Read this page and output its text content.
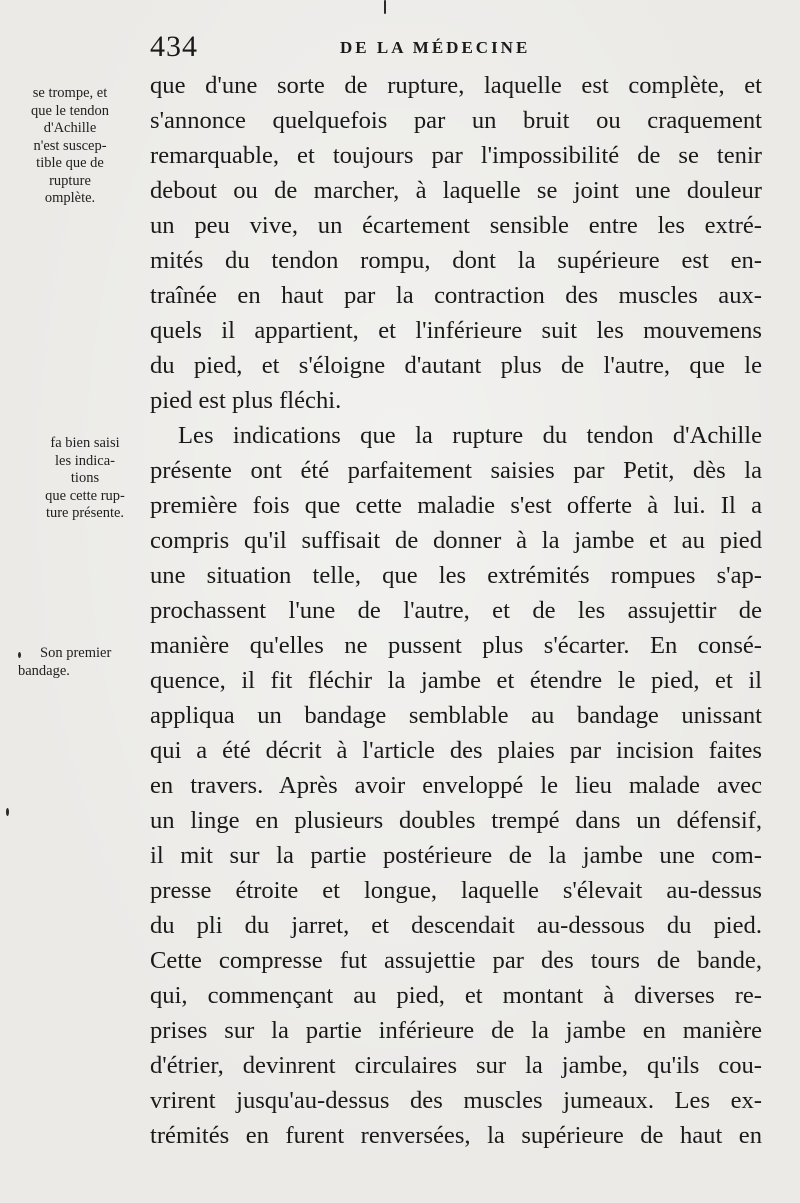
434	DE LA MÉDECINE
se trompe, et
que le tendon
d'Achille
n'est suscep-
tible que de
rupture
omplète.
fa bien saisi
les indica-
tions
que cette rup-
ture présente.
Son premier
bandage.
que d'une sorte de rupture, laquelle est complète, et
s'annonce quelquefois par un bruit ou craquement
remarquable, et toujours par l'impossibilité de se tenir
debout ou de marcher, à laquelle se joint une douleur
un peu vive, un écartement sensible entre les extré-
mités du tendon rompu, dont la supérieure est en-
traînée en haut par la contraction des muscles aux-
quels il appartient, et l'inférieure suit les mouvemens
du pied, et s'éloigne d'autant plus de l'autre, que le
pied est plus fléchi.
Les indications que la rupture du tendon d'Achille
présente ont été parfaitement saisies par Petit, dès la
première fois que cette maladie s'est offerte à lui. Il a
compris qu'il suffisait de donner à la jambe et au pied
une situation telle, que les extrémités rompues s'ap-
prochassent l'une de l'autre, et de les assujettir de
manière qu'elles ne pussent plus s'écarter. En consé-
quence, il fit fléchir la jambe et étendre le pied, et il
appliqua un bandage semblable au bandage unissant
qui a été décrit à l'article des plaies par incision faites
en travers. Après avoir enveloppé le lieu malade avec
un linge en plusieurs doubles trempé dans un défensif,
il mit sur la partie postérieure de la jambe une com-
presse étroite et longue, laquelle s'élevait au-dessus
du pli du jarret, et descendait au-dessous du pied.
Cette compresse fut assujettie par des tours de bande,
qui, commençant au pied, et montant à diverses re-
prises sur la partie inférieure de la jambe en manière
d'étrier, devinrent circulaires sur la jambe, qu'ils cou-
vrirent jusqu'au-dessus des muscles jumeaux. Les ex-
trémités en furent renversées, la supérieure de haut en
